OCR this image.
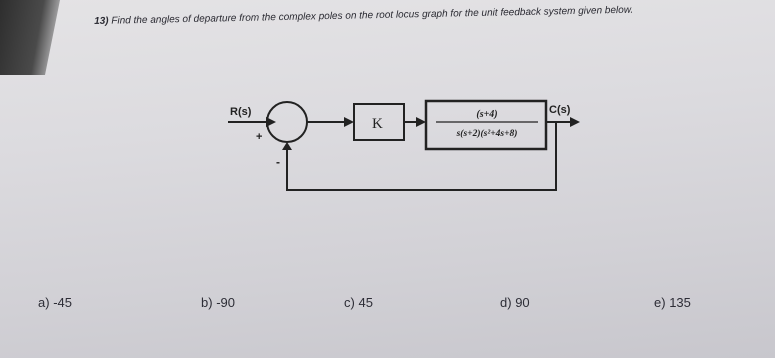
13) Find the angles of departure from the complex poles on the root locus graph for the unit feedback system given below.
R(s)
+
-
K
(s+4)
s(s+2)(s²+4s+8)
C(s)
a) -45	b) -90	c) 45	d) 90	e) 135
